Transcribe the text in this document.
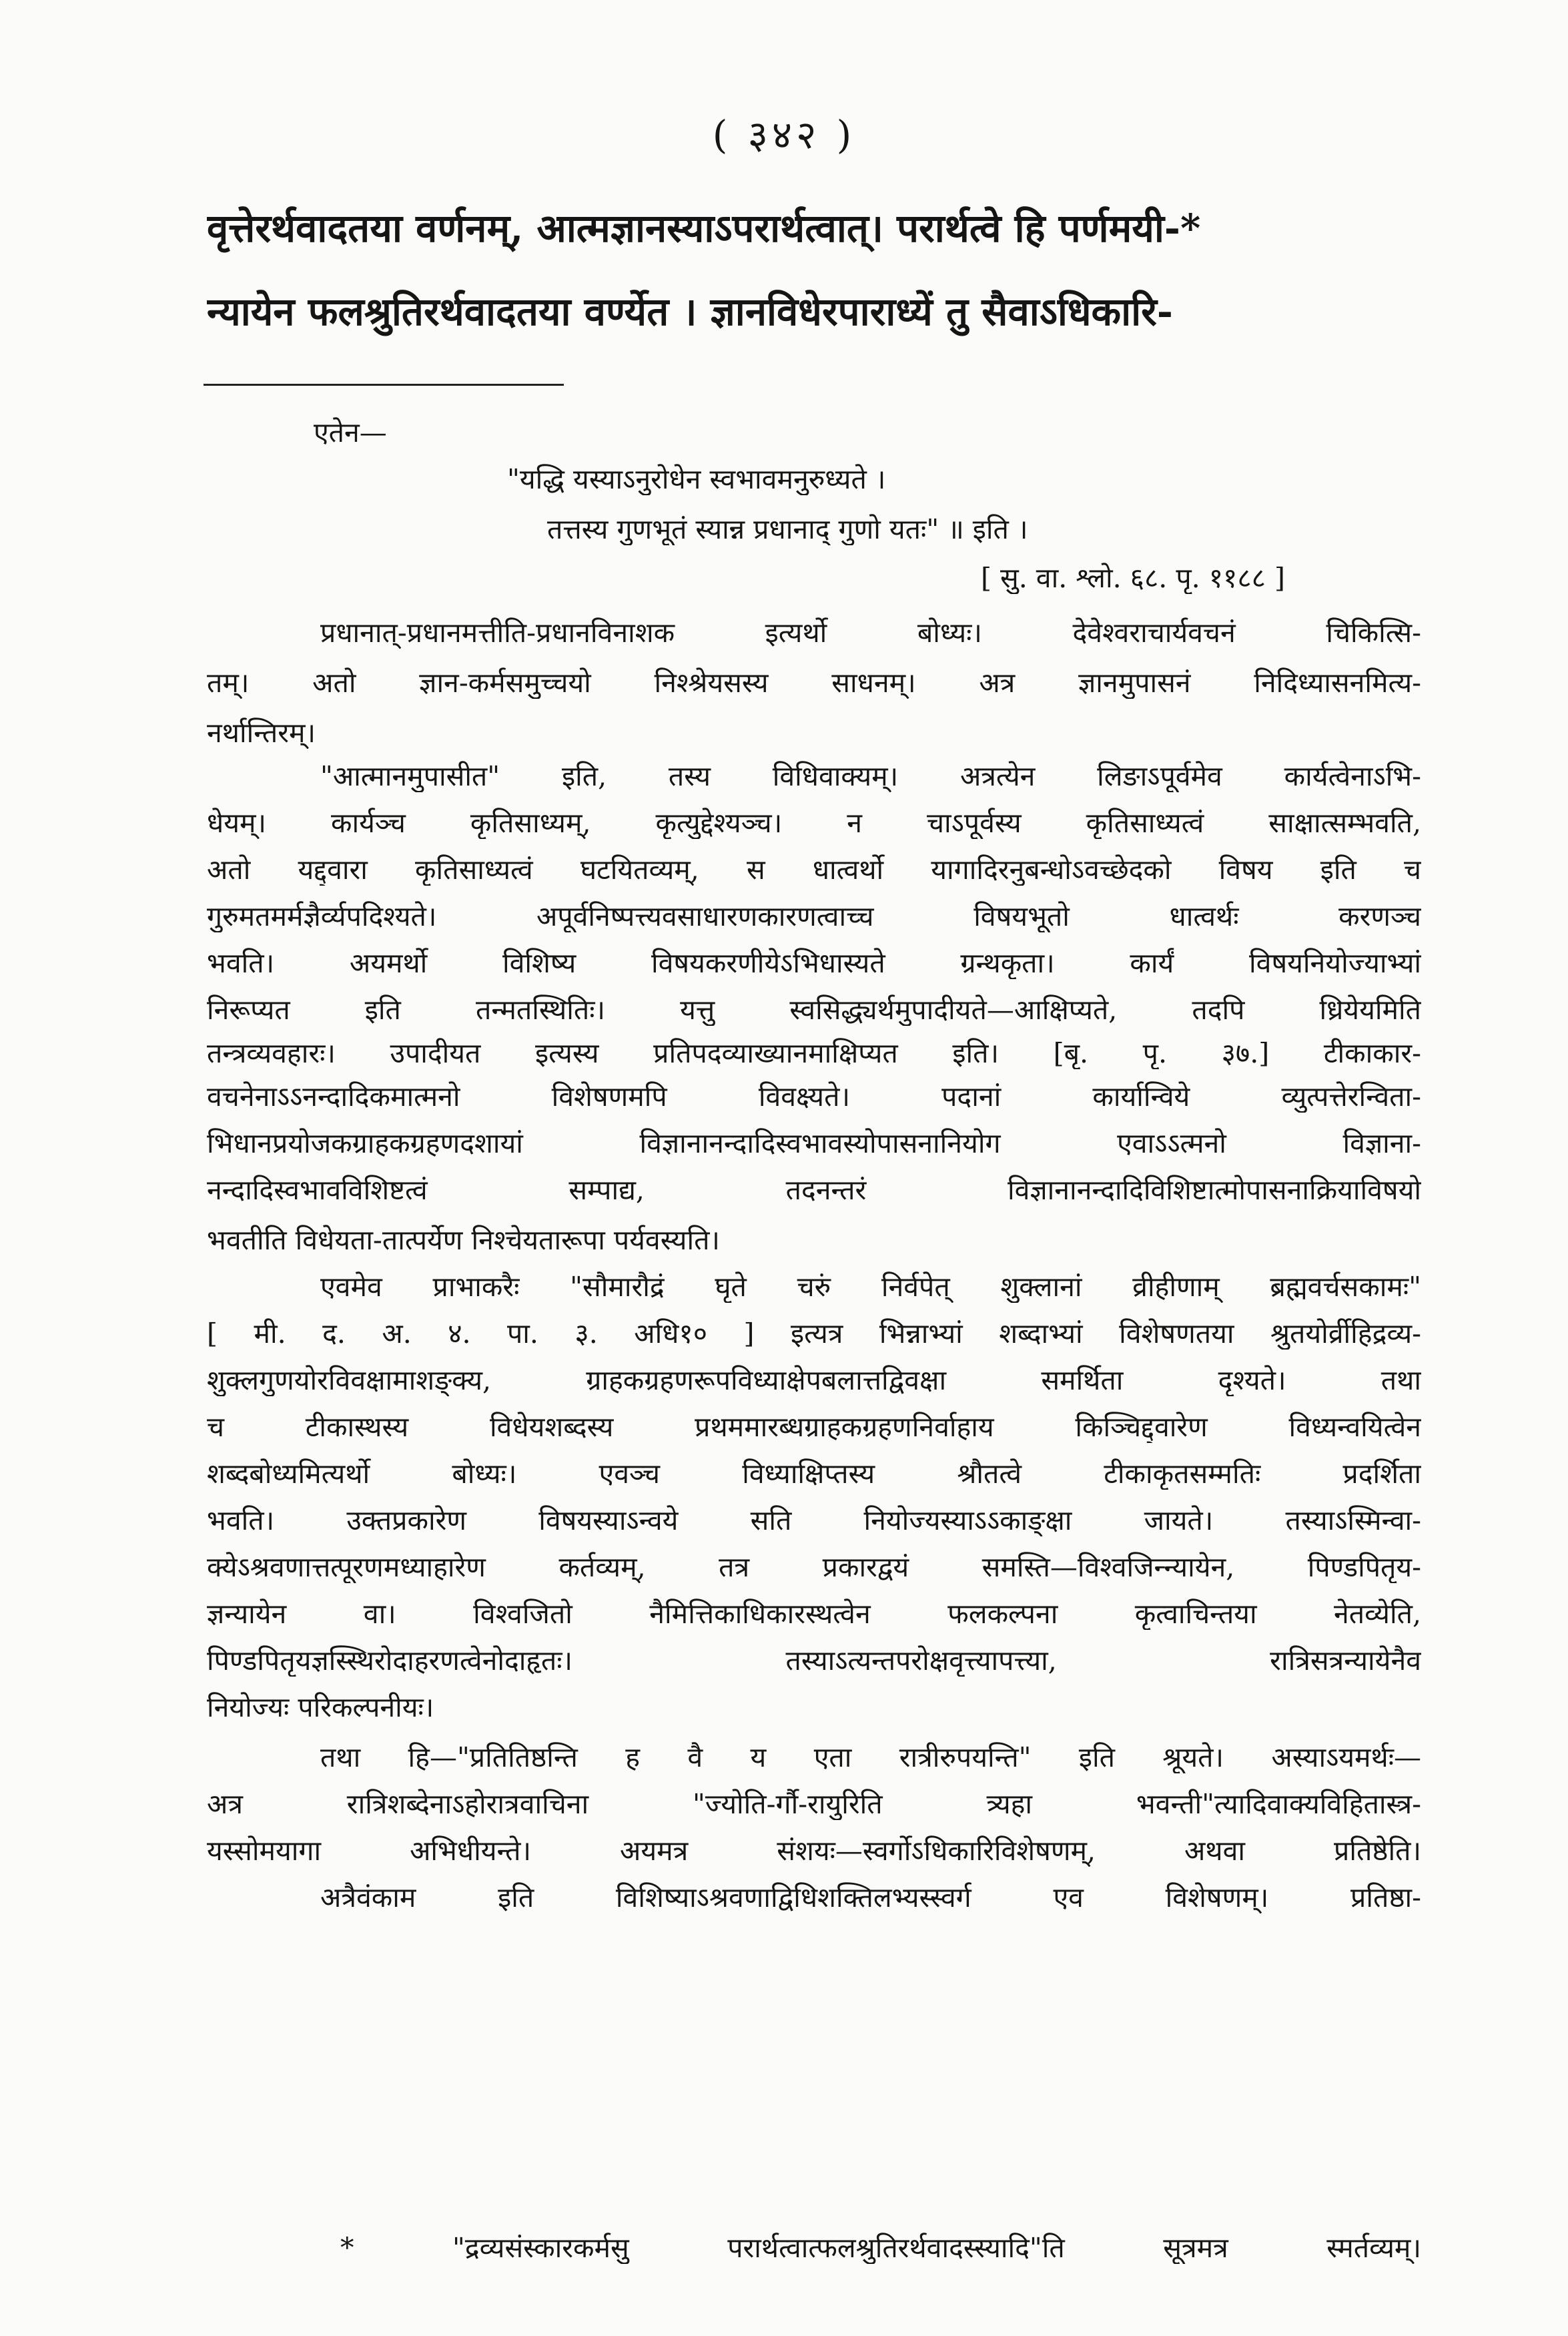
( ३४२ )
वृत्तेरर्थवादतया वर्णनम्, आत्मज्ञानस्याऽपरार्थत्वात्। परार्थत्वे हि पर्णमयी-*
न्यायेन फलश्रुतिरर्थवादतया वर्ण्येत । ज्ञानविधेरपाराध्यें तु सैवाऽधिकारि-
एतेन—
"यद्धि यस्याऽनुरोधेन स्वभावमनुरुध्यते ।
तत्तस्य गुणभूतं स्यान्न प्रधानाद् गुणो यतः" ॥ इति ।
[ सु. वा. श्लो. ६८. पृ. ११८८ ]
प्रधानात्-प्रधानमत्तीति-प्रधानविनाशक इत्यर्थो बोध्यः। देवेश्वराचार्यवचनं चिकित्सि-
तम्। अतो ज्ञान-कर्मसमुच्चयो निश्श्रेयसस्य साधनम्। अत्र ज्ञानमुपासनं निदिध्यासनमित्य-
नर्थान्तिरम्।
"आत्मानमुपासीत" इति, तस्य विधिवाक्यम्। अत्रत्येन लिङाऽपूर्वमेव कार्यत्वेनाऽभि-
धेयम्। कार्यञ्च कृतिसाध्यम्, कृत्युद्देश्यञ्च। न चाऽपूर्वस्य कृतिसाध्यत्वं साक्षात्सम्भवति,
अतो यद्द्वारा कृतिसाध्यत्वं घटयितव्यम्, स धात्वर्थो यागादिरनुबन्धोऽवच्छेदको विषय इति च
गुरुमतमर्मज्ञैर्व्यपदिश्यते। अपूर्वनिष्पत्त्यवसाधारणकारणत्वाच्च विषयभूतो धात्वर्थः करणञ्च
भवति। अयमर्थो विशिष्य विषयकरणीयेऽभिधास्यते ग्रन्थकृता। कार्यं विषयनियोज्याभ्यां
निरूप्यत इति तन्मतस्थितिः। यत्तु स्वसिद्ध्यर्थमुपादीयते—आक्षिप्यते, तदपि ध्रियेयमिति
तन्त्रव्यवहारः। उपादीयत इत्यस्य प्रतिपदव्याख्यानमाक्षिप्यत इति। [बृ. पृ. ३७.] टीकाकार-
वचनेनाऽऽनन्दादिकमात्मनो विशेषणमपि विवक्ष्यते। पदानां कार्यान्विये व्युत्पत्तेरन्विता-
भिधानप्रयोजकग्राहकग्रहणदशायां विज्ञानानन्दादिस्वभावस्योपासनानियोग एवाऽऽत्मनो विज्ञाना-
नन्दादिस्वभावविशिष्टत्वं सम्पाद्य, तदनन्तरं विज्ञानानन्दादिविशिष्टात्मोपासनाक्रियाविषयो
भवतीति विधेयता-तात्पर्येण निश्चेयतारूपा पर्यवस्यति।
एवमेव प्राभाकरैः "सौमारौद्रं घृते चरुं निर्वपेत् शुक्लानां व्रीहीणाम् ब्रह्मवर्चसकामः"
[ मी. द. अ. ४. पा. ३. अधि१० ] इत्यत्र भिन्नाभ्यां शब्दाभ्यां विशेषणतया श्रुतयोर्व्रीहिद्रव्य-
शुक्लगुणयोरविवक्षामाशङ्क्य, ग्राहकग्रहणरूपविध्याक्षेपबलात्तद्विवक्षा समर्थिता दृश्यते। तथा
च टीकास्थस्य विधेयशब्दस्य प्रथममारब्धग्राहकग्रहणनिर्वाहाय किञ्चिद्द्वारेण विध्यन्वयित्वेन
शब्दबोध्यमित्यर्थो बोध्यः। एवञ्च विध्याक्षिप्तस्य श्रौतत्वे टीकाकृतसम्मतिः प्रदर्शिता
भवति। उक्तप्रकारेण विषयस्याऽन्वये सति नियोज्यस्याऽऽकाङ्क्षा जायते। तस्याऽस्मिन्वा-
क्येऽश्रवणात्तत्पूरणमध्याहारेण कर्तव्यम्, तत्र प्रकारद्वयं समस्ति—विश्वजिन्न्यायेन, पिण्डपितृय-
ज्ञन्यायेन वा। विश्वजितो नैमित्तिकाधिकारस्थत्वेन फलकल्पना कृत्वाचिन्तया नेतव्येति,
पिण्डपितृयज्ञस्स्थिरोदाहरणत्वेनोदाहृतः। तस्याऽत्यन्तपरोक्षवृत्त्यापत्त्या, रात्रिसत्रन्यायेनैव
नियोज्यः परिकल्पनीयः।
तथा हि—"प्रतितिष्ठन्ति ह वै य एता रात्रीरुपयन्ति" इति श्रूयते। अस्याऽयमर्थः—
अत्र रात्रिशब्देनाऽहोरात्रवाचिना "ज्योति-र्गौ-रायुरिति त्र्यहा भवन्ती"त्यादिवाक्यविहितास्त्र-
यस्सोमयागा अभिधीयन्ते। अयमत्र संशयः—स्वर्गोऽधिकारिविशेषणम्, अथवा प्रतिष्ठेति।
अत्रैवंकाम इति विशिष्याऽश्रवणाद्विधिशक्तिलभ्यस्स्वर्ग एव विशेषणम्। प्रतिष्ठा-
* "द्रव्यसंस्कारकर्मसु परार्थत्वात्फलश्रुतिरर्थवादस्स्यादि"ति सूत्रमत्र स्मर्तव्यम्।
